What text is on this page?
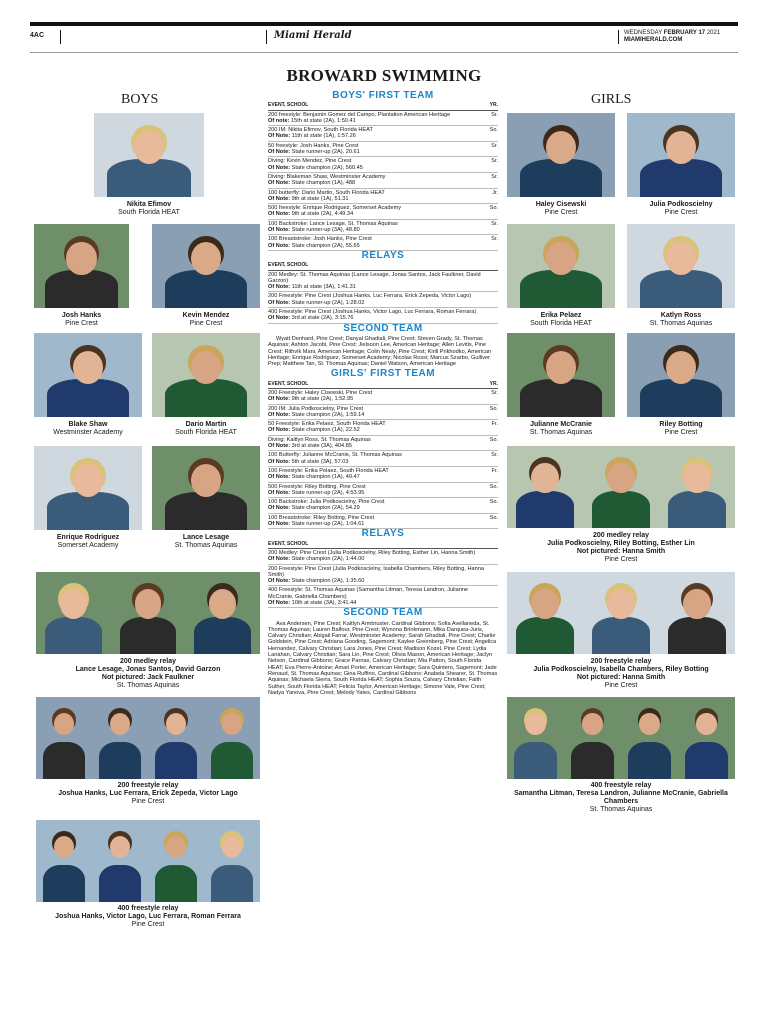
4AC	Miami Herald	WEDNESDAY FEBRUARY 17 2021
MIAMIHERALD.COM
BROWARD SWIMMING
BOYS	GIRLS
Nikita Efimov
South Florida HEAT
Josh Hanks
Pine Crest
Kevin Mendez
Pine Crest
Blake Shaw
Westminster Academy
Dario Martin
South Florida HEAT
Enrique Rodriguez
Somerset Academy
Lance Lesage
St. Thomas Aquinas
Haley Cisewski
Pine Crest
Julia Podkoscielny
Pine Crest
Erika Pelaez
South Florida HEAT
Katlyn Ross
St. Thomas Aquinas
Julianne McCranie
St. Thomas Aquinas
Riley Botting
Pine Crest
200 medley relay
Lance Lesage, Jonas Santos, David Garzon
Not pictured: Jack Faulkner
St. Thomas Aquinas
200 freestyle relay
Joshua Hanks, Luc Ferrara, Erick Zepeda, Victor Lago
Pine Crest
400 freestyle relay
Joshua Hanks, Victor Lago, Luc Ferrara, Roman Ferrara
Pine Crest
200 medley relay
Julia Podkoscielny, Riley Botting, Esther Lin
Not pictured: Hanna Smith
Pine Crest
200 freestyle relay
Julia Podkoscielny, Isabella Chambers, Riley Botting
Not pictured: Hanna Smith
Pine Crest
400 freestyle relay
Samantha Litman, Teresa Landron, Julianne McCranie, Gabriella Chambers
St. Thomas Aquinas
BOYS' FIRST TEAM
EVENT, SCHOOL	YR.
200 freestyle: Benjamin Gomez del Campo, Plantation American Heritage	Sr.
Of note: 15th at state (2A), 1:50.41
200 IM: Nikita Efimov, South Florida HEAT	So.
Of Note: 11th at state (1A), 1:57.26
50 freestyle: Josh Hanks, Pine Crest	Sr.
Of Note: State runner-up (2A), 20.61
Diving: Kevin Mendez, Pine Crest	Sr.
Of Note: State champion (2A), 560.45
Diving: Blakeman Shaw, Westminster Academy	Sr.
Of Note: State champion (1A), 488
100 butterfly: Dario Martin, South Florida HEAT	Jr.
Of Note: 9th at state (1A), 51.31
500 freestyle: Enrique Rodriguez, Somerset Academy	So.
Of Note: 9th at state (2A), 4:49.34
100 Backstroke: Lance Lesage, St. Thomas Aquinas	Sr.
Of Note: State runner-up (3A), 48.80
100 Breaststroke: Josh Hanks, Pine Crest	Sr.
Of Note: State champion (2A), 55.65
RELAYS
EVENT, SCHOOL
200 Medley: St. Thomas Aquinas (Lance Lesage, Jonas Santos, Jack Faulkner, David Garzon)
Of Note: 11th at state (3A), 1:41.31
200 Freestyle: Pine Crest (Joshua Hanks, Luc Ferrara, Erick Zepeda, Victor Lago)
Of Note: State runner-up (2A), 1:28.02
400 Freestyle: Pine Crest (Joshua Hanks, Victor Lago, Luc Ferrara, Roman Ferrara)
Of Note: 3rd at state (2A), 3:15.76
SECOND TEAM
Wyatt Denhard, Pine Crest; Danyal Ghadiali, Pine Crest; Steven Grady, St. Thomas Aquinas; Ashton Jacobi, Pine Crest; Jielsoon Lee, American Heritage; Allen Levitis, Pine Crest; Rithvik Mani, American Heritage; Colin Nealy, Pine Crest; Kirill Prikhodko, American Heritage; Enrique Rodriguez, Somerset Academy; Nicolas Rossi; Marcus Szarbo, Gulliver Prep; Matthew Tan, St. Thomas Aquinas; Daniel Watson, American Heritage
GIRLS' FIRST TEAM
EVENT, SCHOOL	YR.
200 Freestyle: Haley Cisewski, Pine Crest	Sr.
Of Note: 9th at state (2A), 1:52.95
200 IM: Julia Podkoscielny, Pine Crest	So.
Of Note: State champion (2A), 1:59.14
50 Freestyle: Erika Pelaez, South Florida HEAT	Fr.
Of Note: State champion (1A), 22.52
Diving: Kaitlyn Ross, St. Thomas Aquinas	So.
Of Note: 3rd at state (3A), 404.85
100 Butterfly: Julianne McCranie, St. Thomas Aquinas	Sr.
Of Note: 5th at state (3A), 57.03
100 Freestyle: Erika Pelaez, South Florida HEAT	Fr.
Of Note: State champion (1A), 49.47
500 Freestyle: Riley Botting, Pine Crest	So.
Of Note: State runner-up (2A), 4:53.95
100 Backstroke: Julia Podkoscielny, Pine Crest	So.
Of Note: State champion (2A), 54.29
100 Breaststroke: Riley Botting, Pine Crest	So.
Of Note: State runner-up (2A), 1:04.61
RELAYS
EVENT, SCHOOL
200 Medley: Pine Crest (Julia Podkoscielny, Riley Botting, Esther Lin, Hanna Smith)
Of Note: State champion (2A), 1:44.00
200 Freestyle: Pine Crest (Julia Podkoscielny, Isabella Chambers, Riley Botting, Hanna Smith)
Of Note: State champion (2A), 1:35.60
400 Freestyle: St. Thomas Aquinas (Samantha Litman, Teresa Landron, Julianne McCranie, Gabriella Chambers)
Of Note: 10th at state (3A), 3:41.44
SECOND TEAM
Ava Andersen, Pine Crest; Kaitlyn Armbruster, Cardinal Gibbons; Sofia Avellaneda, St. Thomas Aquinas; Lauren Balfour, Pine Crest; Wynona Brinkmann, Mika Darquea-Juris, Calvary Christian; Abigail Farrar, Westminster Academy; Sarah Ghadiali, Pine Crest; Charlie Goldstein, Pine Crest; Adriana Gooding, Sagemont; Kaylee Greenberg, Pine Crest; Angelica Hernandez, Calvary Christian; Lara Jones, Pine Crest; Madison Kozel, Pine Crest; Lydia Lanahan, Calvary Christian; Sara Lin, Pine Crest; Olivia Mason, American Heritage; Jaclyn Nelson, Cardinal Gibbons; Grace Parnas, Calvary Christian; Mia Patton, South Florida HEAT; Eva Pierre-Antoine; Amari Porter, American Heritage; Sara Quintero, Sagemont; Jade Renaud, St. Thomas Aquinas; Gina Ruffino, Cardinal Gibbons; Anabela Shearer, St. Thomas Aquinas; Michaela Sierra, South Florida HEAT; Sophia Souza, Calvary Christian; Faith Suther, South Florida HEAT; Felicia Taylor, American Heritage; Simone Vale, Pine Crest; Nadya Yanova, Pine Crest; Melody Yates, Cardinal Gibbons
